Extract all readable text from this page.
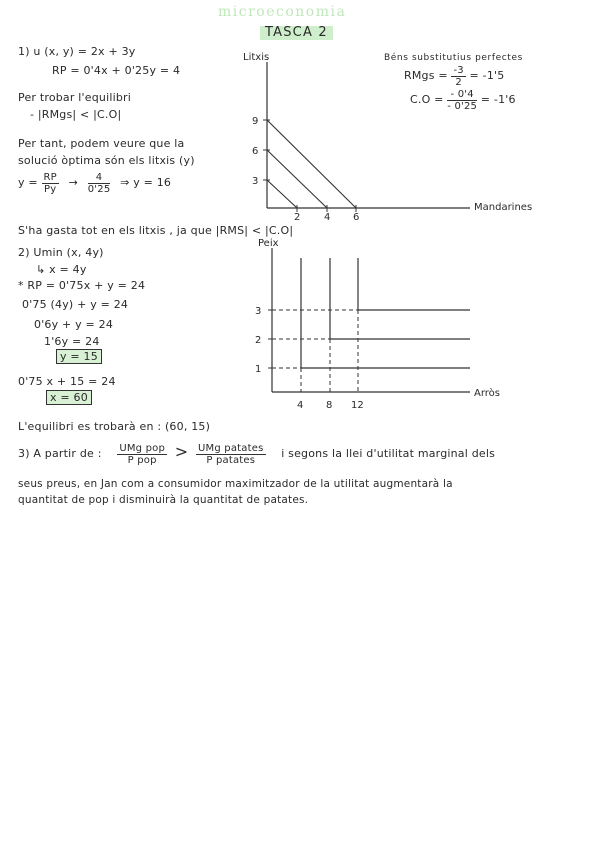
microeconomia
TASCA 2
1) u (x, y) = 2x + 3y
RP = 0'4x + 0'25y = 4
Per trobar l'equilibri
- |RMgs| < |C.O|
Per tant, podem veure que la
solució òptima són els litxis (y)
$y = \frac{RP}{Py} \to \frac{4}{0'25}$ ⇒ y = 16
S'ha gasta tot en els litxis , ja que |RMS| < |C.O|
Béns substitutius perfectes
RMgs = $\frac{-3}{2} = -1'5$
$C.O = \frac{- 0'4}{- 0'25} = -1'6$
Litxis
Mandarines
9
6
3
2 4 6
Peix
Arròs
3
2
1
4 8 12
2) Umin (x, 4y)
↳ x = 4y
* RP = 0'75x + y = 24
0'75 (4y) + y = 24
0'6y + y = 24
1'6y = 24
y = 15
0'75 x + 15 = 24
x = 60
L'equilibri es trobarà en : (60, 15)
3) A partir de : $\frac{\text{UMg pop}}{\text{P pop}} > \frac{\text{UMg patates}}{\text{P patates}}$ i segons la llei d'utilitat marginal dels
seus preus, en Jan com a consumidor maximitzador de la utilitat augmentarà la
quantitat de pop i disminuirà la quantitat de patates.
